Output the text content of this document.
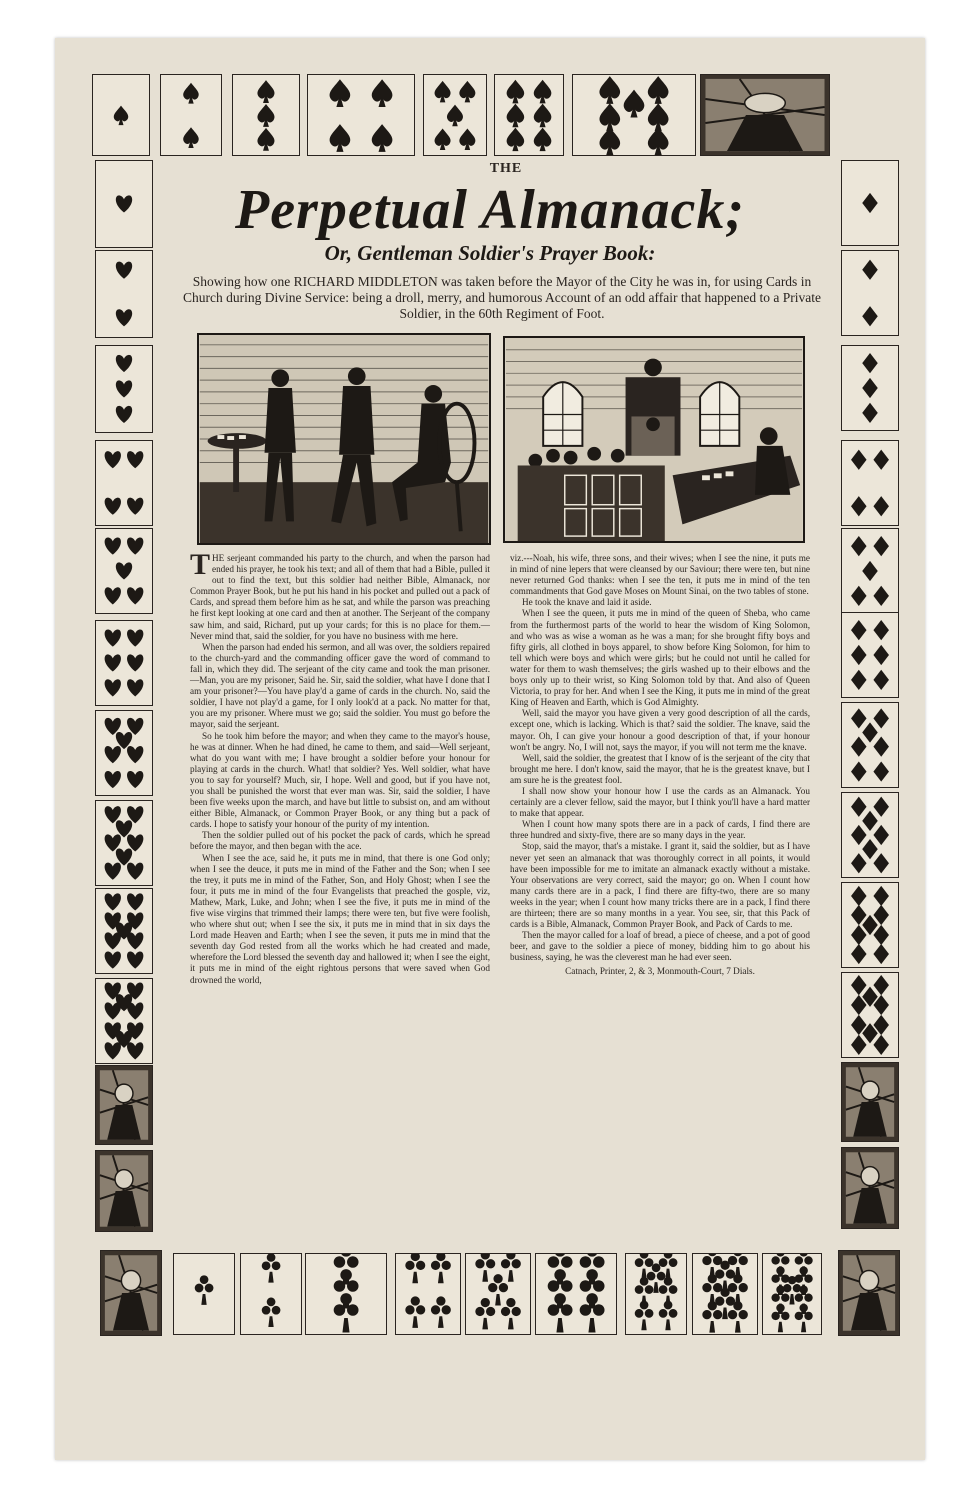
THE
Perpetual Almanack;
Or, Gentleman Soldier's Prayer Book:
Showing how one RICHARD MIDDLETON was taken before the Mayor of the City he was in, for using Cards in Church during Divine Service: being a droll, merry, and humorous Account of an odd affair that happened to a Private Soldier, in the 60th Regiment of Foot.

THE serjeant commanded his party to the church, and when the parson had ended his prayer, he took his text; and all of them that had a Bible, pulled it out to find the text, but this soldier had neither Bible, Almanack, nor Common Prayer Book, but he put his hand in his pocket and pulled out a pack of Cards, and spread them before him as he sat, and while the parson was preaching he first kept looking at one card and then at another. The Serjeant of the company saw him, and said, Richard, put up your cards; for this is no place for them.—Never mind that, said the soldier, for you have no business with me here.

When the parson had ended his sermon, and all was over, the soldiers repaired to the church-yard and the commanding officer gave the word of command to fall in, which they did. The serjeant of the city came and took the man prisoner.—Man, you are my prisoner, Said he. Sir, said the soldier, what have I done that I am your prisoner?—You have play'd a game of cards in the church. No, said the soldier, I have not play'd a game, for I only look'd at a pack. No matter for that, you are my prisoner. Where must we go; said the soldier. You must go before the mayor, said the serjeant.

So he took him before the mayor; and when they came to the mayor's house, he was at dinner. When he had dined, he came to them, and said—Well serjeant, what do you want with me; I have brought a soldier before your honour for playing at cards in the church. What! that soldier? Yes. Well soldier, what have you to say for yourself? Much, sir, I hope. Well and good, but if you have not, you shall be punished the worst that ever man was. Sir, said the soldier, I have been five weeks upon the march, and have but little to subsist on, and am without either Bible, Almanack, or Common Prayer Book, or any thing but a pack of cards. I hope to satisfy your honour of the purity of my intention.

Then the soldier pulled out of his pocket the pack of cards, which he spread before the mayor, and then began with the ace.

When I see the ace, said he, it puts me in mind, that there is one God only; when I see the deuce, it puts me in mind of the Father and the Son; when I see the trey, it puts me in mind of the Father, Son, and Holy Ghost; when I see the four, it puts me in mind of the four Evangelists that preached the gosple, viz, Mathew, Mark, Luke, and John; when I see the five, it puts me in mind of the five wise virgins that trimmed their lamps; there were ten, but five were foolish, who where shut out; when I see the six, it puts me in mind that in six days the Lord made Heaven and Earth; when I see the seven, it puts me in mind that the seventh day God rested from all the works which he had created and made, wherefore the Lord blessed the seventh day and hallowed it; when I see the eight, it puts me in mind of the eight rightous persons that were saved when God drowned the world,

viz.---Noah, his wife, three sons, and their wives; when I see the nine, it puts me in mind of nine lepers that were cleansed by our Saviour; there were ten, but nine never returned God thanks: when I see the ten, it puts me in mind of the ten commandments that God gave Moses on Mount Sinai, on the two tables of stone.

He took the knave and laid it aside.

When I see the queen, it puts me in mind of the queen of Sheba, who came from the furthermost parts of the world to hear the wisdom of King Solomon, and who was as wise a woman as he was a man; for she brought fifty boys and fifty girls, all clothed in boys apparel, to show before King Solomon, for him to tell which were boys and which were girls; but he could not until he called for water for them to wash themselves; the girls washed up to their elbows and the boys only up to their wrist, so King Solomon told by that. And also of Queen Victoria, to pray for her. And when I see the King, it puts me in mind of the great King of Heaven and Earth, which is God Almighty.

Well, said the mayor you have given a very good description of all the cards, except one, which is lacking. Which is that? said the soldier. The knave, said the mayor. Oh, I can give your honour a good description of that, if your honour won't be angry. No, I will not, says the mayor, if you will not term me the knave.

Well, said the soldier, the greatest that I know of is the serjeant of the city that brought me here. I don't know, said the mayor, that he is the greatest knave, but I am sure he is the greatest fool.

I shall now show your honour how I use the cards as an Almanack. You certainly are a clever fellow, said the mayor, but I think you'll have a hard matter to make that appear.

When I count how many spots there are in a pack of cards, I find there are three hundred and sixty-five, there are so many days in the year.

Stop, said the mayor, that's a mistake. I grant it, said the soldier, but as I have never yet seen an almanack that was thoroughly correct in all points, it would have been impossible for me to imitate an almanack exactly without a mistake. Your observations are very correct, said the mayor; go on. When I count how many cards there are in a pack, I find there are fifty-two, there are so many weeks in the year; when I count how many tricks there are in a pack, I find there are thirteen; there are so many months in a year. You see, sir, that this Pack of cards is a Bible, Almanack, Common Prayer Book, and Pack of Cards to me.

Then the mayor called for a loaf of bread, a piece of cheese, and a pot of good beer, and gave to the soldier a piece of money, bidding him to go about his business, saying, he was the cleverest man he had ever seen.

Catnach, Printer, 2, & 3, Monmouth-Court, 7 Dials.
